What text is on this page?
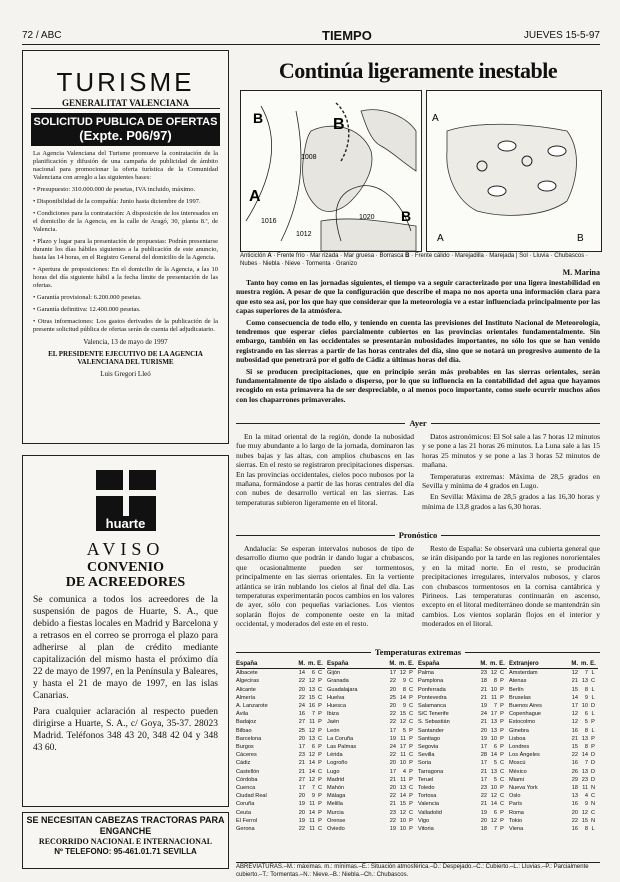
72 / ABC	TIEMPO	JUEVES 15-5-97
TURISME
GENERALITAT VALENCIANA
SOLICITUD PUBLICA DE OFERTAS
(Expte. P06/97)
La Agencia Valenciana del Turisme promueve la contratación de la planificación y difusión de una campaña de publicidad de ámbito nacional para promocionar la oferta turística de la Comunidad Valenciana con arreglo a las siguientes bases:
• Presupuesto: 310.000.000 de pesetas, IVA incluido, máximo.
• Disponibilidad de la compañía: Junio hasta diciembre de 1997.
• Condiciones para la contratación: A disposición de los interesados en el domicilio de la Agencia, en la calle de Aragó, 30, planta 8.ª, de Valencia.
• Plazo y lugar para la presentación de propuestas: Podrán presentarse durante los días hábiles siguientes a la publicación de este anuncio, hasta las 14 horas, en el Registro General del domicilio de la Agencia.
• Apertura de proposiciones: En el domicilio de la Agencia, a las 10 horas del día siguiente hábil a la fecha límite de presentación de las ofertas.
• Garantía provisional: 6.200.000 pesetas.
• Garantía definitiva: 12.400.000 pesetas.
• Otras informaciones: Los gastos derivados de la publicación de la presente solicitud pública de ofertas serán de cuenta del adjudicatario.
Valencia, 13 de mayo de 1997
EL PRESIDENTE EJECUTIVO DE LA AGENCIA VALENCIANA DEL TURISME
Luis Gregori Lleó
huarte
AVISO
CONVENIO
DE ACREEDORES
Se comunica a todos los acreedores de la suspensión de pagos de Huarte, S. A., que debido a fiestas locales en Madrid y Barcelona y a retrasos en el correo se prorroga el plazo para adherirse al plan de crédito mediante capitalización del mismo hasta el próximo día 22 de mayo de 1997, en la Península y Baleares, y hasta el 21 de mayo de 1997, en las islas Canarias.
Para cualquier aclaración al respecto pueden dirigirse a Huarte, S. A., c/ Goya, 35-37. 28023 Madrid. Teléfonos 348 43 20, 348 42 04 y 348 43 60.
SE NECESITAN CABEZAS TRACTORAS PARA ENGANCHE
RECORRIDO NACIONAL E INTERNACIONAL
Nº TELEFONO: 95-461.01.71 SEVILLA
Continúa ligeramente inestable
B
B
A
B
1008
1016
1012
1020
A	B
A
Anticiclón A · Frente frío · Mar rizada · Mar gruesa · Borrasca B · Frente cálido · Marejadilla · Marejada | Sol · Lluvia · Chubascos · Nubes · Niebla · Nieve · Tormenta · Granizo
M. Marina

Tanto hoy como en las jornadas siguientes, el tiempo va a seguir caracterizado por una ligera inestabilidad en nuestra región. A pesar de que la configuración que describe el mapa no nos aporta una información clara para que esto sea así, por los que hay que considerar que la meteorología ve a estar influenciada principalmente por las capas superiores de la atmósfera.

Como consecuencia de todo ello, y teniendo en cuenta las previsiones del Instituto Nacional de Meteorología, tendremos que esperar cielos parcialmente cubiertos en las provincias orientales fundamentalmente. Sin embargo, también en las occidentales se presentarán nubosidades importantes, no sólo los que se han venido registrando en las sierras a partir de las horas centrales del día, sino que se notará un progresivo aumento de la nubosidad que penetrará por el golfo de Cádiz a últimas horas del día.

Si se producen precipitaciones, que en principio serán más probables en las sierras orientales, serán fundamentalmente de tipo aislado o disperso, por lo que su influencia en la contabilidad del agua que hayamos recogido en esta primavera ha de ser despreciable, o al menos poco importante, como suele ocurrir muchos años con los chaparrones primaverales.

Ayer

En la mitad oriental de la región, donde la nubosidad fue muy abundante a lo largo de la jornada, dominaron las nubes bajas y las altas, con amplios chubascos en las sierras. En el resto se registraron precipitaciones dispersas. En las provincias occidentales, cielos poco nubosos por la mañana, formándose a partir de las horas centrales del día con nubes de desarrollo vertical en las sierras. Las temperaturas subieron ligeramente en el litoral.

Datos astronómicos: El Sol sale a las 7 horas 12 minutos y se pone a las 21 horas 26 minutos. La Luna sale a las 15 horas 25 minutos y se pone a las 3 horas 52 minutos de mañana.

Temperaturas extremas: Máxima de 28,5 grados en Sevilla y mínima de 4 grados en Lugo.

En Sevilla: Máxima de 28,5 grados a las 16,30 horas y mínima de 13,8 grados a las 6,30 horas.

Pronóstico

Andalucía: Se esperan intervalos nubosos de tipo de desarrollo diurno que podrán ir dando lugar a chubascos, que ocasionalmente pueden ser tormentosos, principalmente en las sierras orientales. En la vertiente atlántica se irán nublando los cielos al final del día. Las temperaturas experimentarán pocos cambios en los valores de ayer, sólo con pequeñas variaciones. Los vientos soplarán flojos de componente oeste en la mitad occidental, y moderados del este en el resto.

Resto de España: Se observará una cubierta general que se irán disipando por la tarde en las regiones nororientales y en la mitad norte. En el resto, se producirán precipitaciones irregulares, intervalos nubosos, y claros con chubascos tormentosos en la cornisa cantábrica y Pirineos. Las temperaturas continuarán en ascenso, excepto en el litoral mediterráneo donde se mantendrán sin cambios. Los vientos soplarán flojos en el interior y moderados en el litoral.

Temperaturas extremas
España	M. m. E.
Albacete	14	6 C
Algeciras	22 12 P
Alicante	20 13 C
Almería	22 15 C
A. Lanzarote	24 16 P
Ávila	16	7 P
Badajoz	27 11 P
Bilbao	25 12 P
Barcelona	20 13 C
Burgos	17	6 P
Cáceres	23 12 P
Cádiz	21 14 P
Castellón	21 14 C
Córdoba	27 12 P
Cuenca	17	7 C
Ciudad Real	20	9 P
Coruña	19 11 P
Ceuta	20 14 P
El Ferrol	19 11 P
Gerona	22 11 C
España	M. m. E.
Gijón	17 12 P
Granada	22	9 C
Guadalajara	20	8 C
Huelva	25 14 P
Huesca	20	9 C
Ibiza	22 15 C
Jaén	22 12 C
León	17	5 P
La Coruña	19 11 P
Las Palmas	24 17 P
Lérida	22 11 C
Logroño	20 10 P
Lugo	17	4 P
Madrid	21 11 P
Mahón	20 13 C
Málaga	22 14 P
Melilla	21 15 P
Murcia	23 12 C
Orense	22 10 P
Oviedo	19 10 P
España	M. m. E.
Palma	23 12 C
Pamplona	18	8 P
Ponferrada	21 10 P
Pontevedra	21 11 P
Salamanca	19	7 P
S/C Tenerife	24 17 P
S. Sebastián	21 13 P
Santander	20 13 P
Santiago	19 10 P
Segovia	17	6 P
Sevilla	28 14 P
Soria	17	5 C
Tarragona	21 13 C
Teruel	17	5 C
Toledo	23 10 P
Tortosa	22 12 C
Valencia	21 14 C
Valladolid	19	6 P
Vigo	20 12 P
Vitoria	18	7 P
Extranjero	M. m. E.
Amsterdam	12	7 L
Atenas	21 13 C
Berlín	15	8 L
Bruselas	14	9 L
Buenos Aires	17 10 D
Copenhague	12	6 L
Estocolmo	12	5 P
Ginebra	16	8 L
Lisboa	21 13 P
Londres	15	8 P
Los Ángeles	22 14 D
Moscú	16	7 D
México	26 13 D
Miami	29 23 D
Nueva York	18 11 N
Oslo	13	4 C
París	16	9 N
Roma	20 12 C
Tokio	22 15 N
Viena	16	8 L
ABREVIATURAS.–M.: máximas. m.: mínimas.–E.: Situación atmosférica.–D.: Despejado.–C.: Cubierto.–L.: Lluvias.–P.: Parcialmente cubierto.–T.: Tormentas.–N.: Nieve.–B.: Niebla.–Ch.: Chubascos.
